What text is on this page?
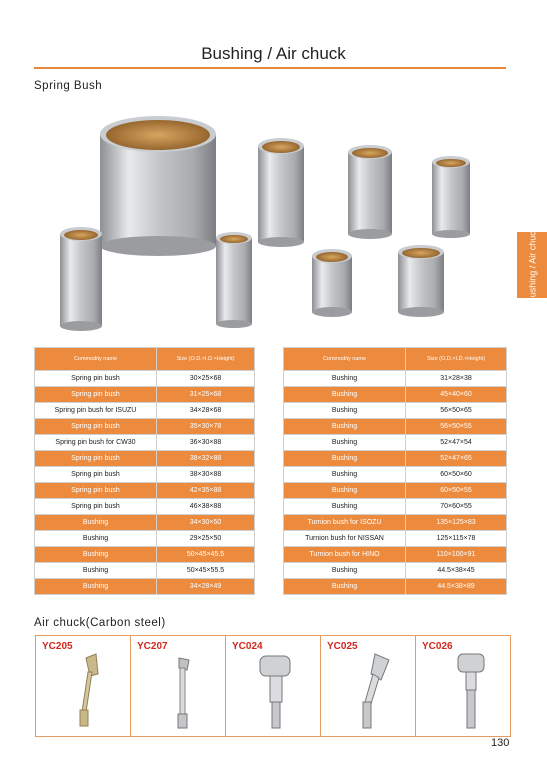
Bushing / Air chuck
Spring Bush
Bushing / Air chuck
Commodity name	Size (O.D.×I.D.×Height)
Spring pin bush	30×25×68
Spring pin bush	31×25×68
Spring pin bush for ISUZU	34×28×68
Spring pin bush	35×30×78
Spring pin bush for CW30	36×30×88
Spring pin bush	38×32×88
Spring pin bush	38×30×88
Spring pin bush	42×35×88
Spring pin bush	46×38×88
Bushing	34×30×50
Bushing	29×25×50
Bushing	50×45×45.5
Bushing	50×45×55.5
Bushing	34×28×49
Commodity name	Size (O.D.×I.D.×Height)
Bushing	31×28×38
Bushing	45×40×60
Bushing	56×50×65
Bushing	56×50×55
Bushing	52×47×54
Bushing	52×47×65
Bushing	60×50×60
Bushing	60×50×55
Bushing	70×60×55
Turnion bush for ISOZU	135×125×83
Turnion bush for NISSAN	125×115×78
Turnion bush for HINO	110×100×91
Bushing	44.5×38×45
Bushing	44.5×38×89
Air chuck(Carbon steel)
YC205	YC207	YC024	YC025	YC026
130
